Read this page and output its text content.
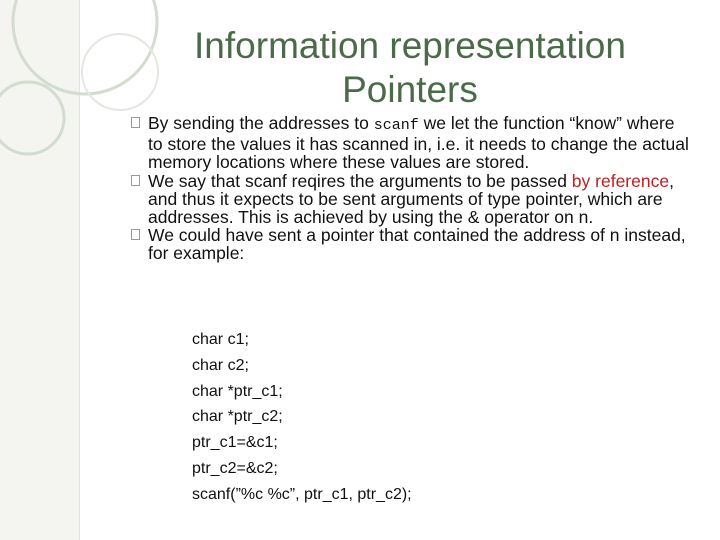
Information representation
Pointers
By sending the addresses to scanf we let the function “know” where to store the values it has scanned in, i.e. it needs to change the actual memory locations where these values are stored.
We say that scanf reqires the arguments to be passed by reference, and thus it expects to be sent arguments of type pointer, which are addresses. This is achieved by using the & operator on n.
We could have sent a pointer that contained the address of n instead, for example:
char c1;
char c2;
char *ptr_c1;
char *ptr_c2;
ptr_c1=&c1;
ptr_c2=&c2;
scanf(”%c %c”, ptr_c1, ptr_c2);
